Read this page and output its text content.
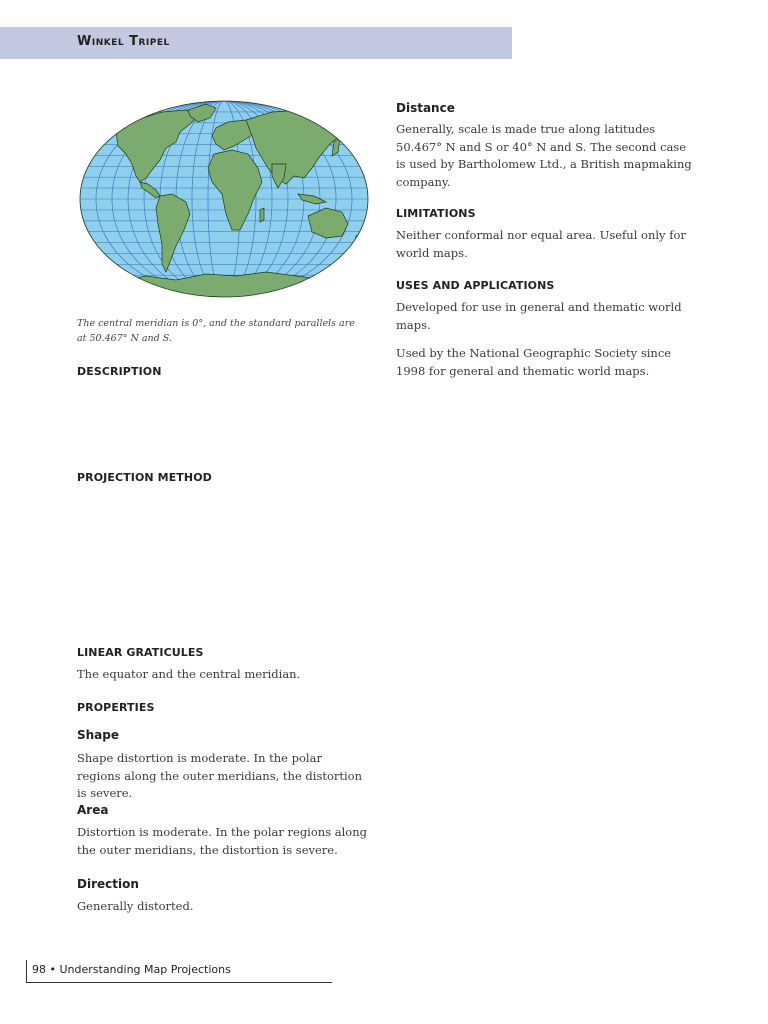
Winkel Tripel

The central meridian is 0°, and the standard parallels are at 50.467° N and S.

DESCRIPTION
PROJECTION METHOD
LINEAR GRATICULES

The equator and the central meridian.

PROPERTIES
Shape

Shape distortion is moderate. In the polar regions along the outer meridians, the distortion is severe.

Area

Distortion is moderate. In the polar regions along the outer meridians, the distortion is severe.

Direction

Generally distorted.

Distance

Generally, scale is made true along latitudes 50.467° N and S or 40° N and S. The second case is used by Bartholomew Ltd., a British mapmaking company.

LIMITATIONS

Neither conformal nor equal area. Useful only for world maps.

USES AND APPLICATIONS

Developed for use in general and thematic world maps.

Used by the National Geographic Society since 1998 for general and thematic world maps.

98 • Understanding Map Projections
